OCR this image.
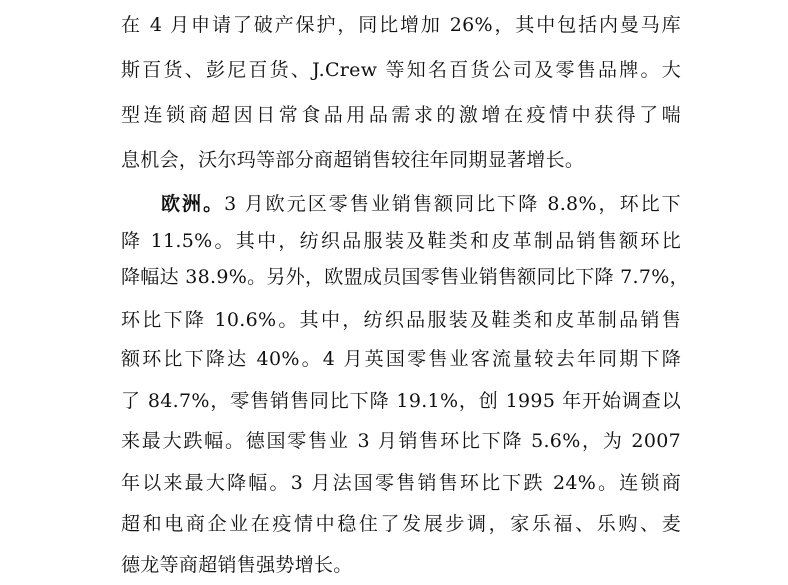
在 4 月申请了破产保护，同比增加 26%，其中包括内曼马库
斯百货、彭尼百货、J.Crew 等知名百货公司及零售品牌。大
型连锁商超因日常食品用品需求的激增在疫情中获得了喘
息机会，沃尔玛等部分商超销售较往年同期显著增长。
欧洲。3 月欧元区零售业销售额同比下降 8.8%，环比下
降 11.5%。其中，纺织品服装及鞋类和皮革制品销售额环比
降幅达 38.9%。另外，欧盟成员国零售业销售额同比下降 7.7%，
环比下降 10.6%。其中，纺织品服装及鞋类和皮革制品销售
额环比下降达 40%。4 月英国零售业客流量较去年同期下降
了 84.7%，零售销售同比下降 19.1%，创 1995 年开始调查以
来最大跌幅。德国零售业 3 月销售环比下降 5.6%，为 2007
年以来最大降幅。3 月法国零售销售环比下跌 24%。连锁商
超和电商企业在疫情中稳住了发展步调，家乐福、乐购、麦
德龙等商超销售强势增长。
